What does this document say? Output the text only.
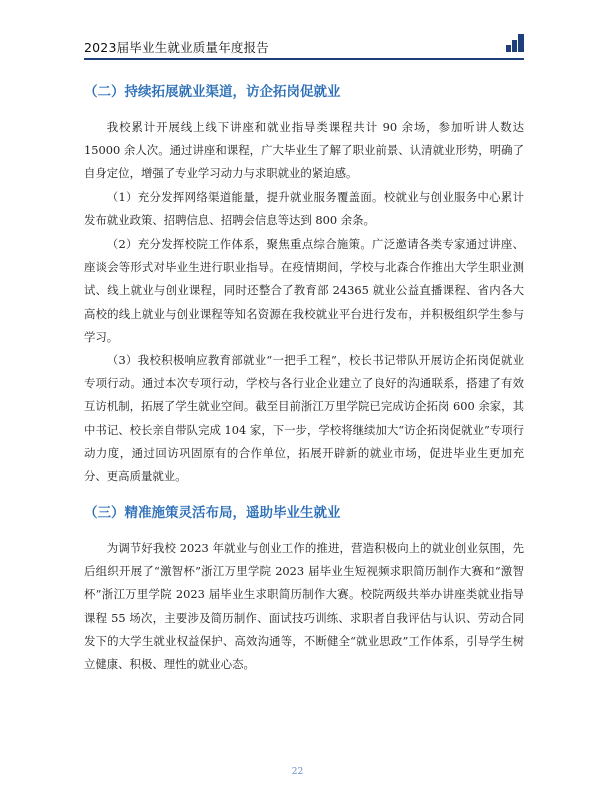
2023届毕业生就业质量年度报告
（二）持续拓展就业渠道，访企拓岗促就业

我校累计开展线上线下讲座和就业指导类课程共计 90 余场，参加听讲人数达 15000 余人次。通过讲座和课程，广大毕业生了解了职业前景、认清就业形势，明确了自身定位，增强了专业学习动力与求职就业的紧迫感。

（1）充分发挥网络渠道能量，提升就业服务覆盖面。校就业与创业服务中心累计发布就业政策、招聘信息、招聘会信息等达到 800 余条。

（2）充分发挥校院工作体系，聚焦重点综合施策。广泛邀请各类专家通过讲座、座谈会等形式对毕业生进行职业指导。在疫情期间，学校与北森合作推出大学生职业测试、线上就业与创业课程，同时还整合了教育部 24365 就业公益直播课程、省内各大高校的线上就业与创业课程等知名资源在我校就业平台进行发布，并积极组织学生参与学习。

（3）我校积极响应教育部就业“一把手工程”，校长书记带队开展访企拓岗促就业专项行动。通过本次专项行动，学校与各行业企业建立了良好的沟通联系，搭建了有效互访机制，拓展了学生就业空间。截至目前浙江万里学院已完成访企拓岗 600 余家，其中书记、校长亲自带队完成 104 家，下一步，学校将继续加大“访企拓岗促就业”专项行动力度，通过回访巩固原有的合作单位，拓展开辟新的就业市场，促进毕业生更加充分、更高质量就业。

（三）精准施策灵活布局，遥助毕业生就业

为调节好我校 2023 年就业与创业工作的推进，营造积极向上的就业创业氛围，先后组织开展了“激智杯”浙江万里学院 2023 届毕业生短视频求职简历制作大赛和“激智杯”浙江万里学院 2023 届毕业生求职简历制作大赛。校院两级共举办讲座类就业指导课程 55 场次，主要涉及简历制作、面试技巧训练、求职者自我评估与认识、劳动合同发下的大学生就业权益保护、高效沟通等，不断健全“就业思政”工作体系，引导学生树立健康、积极、理性的就业心态。

22
